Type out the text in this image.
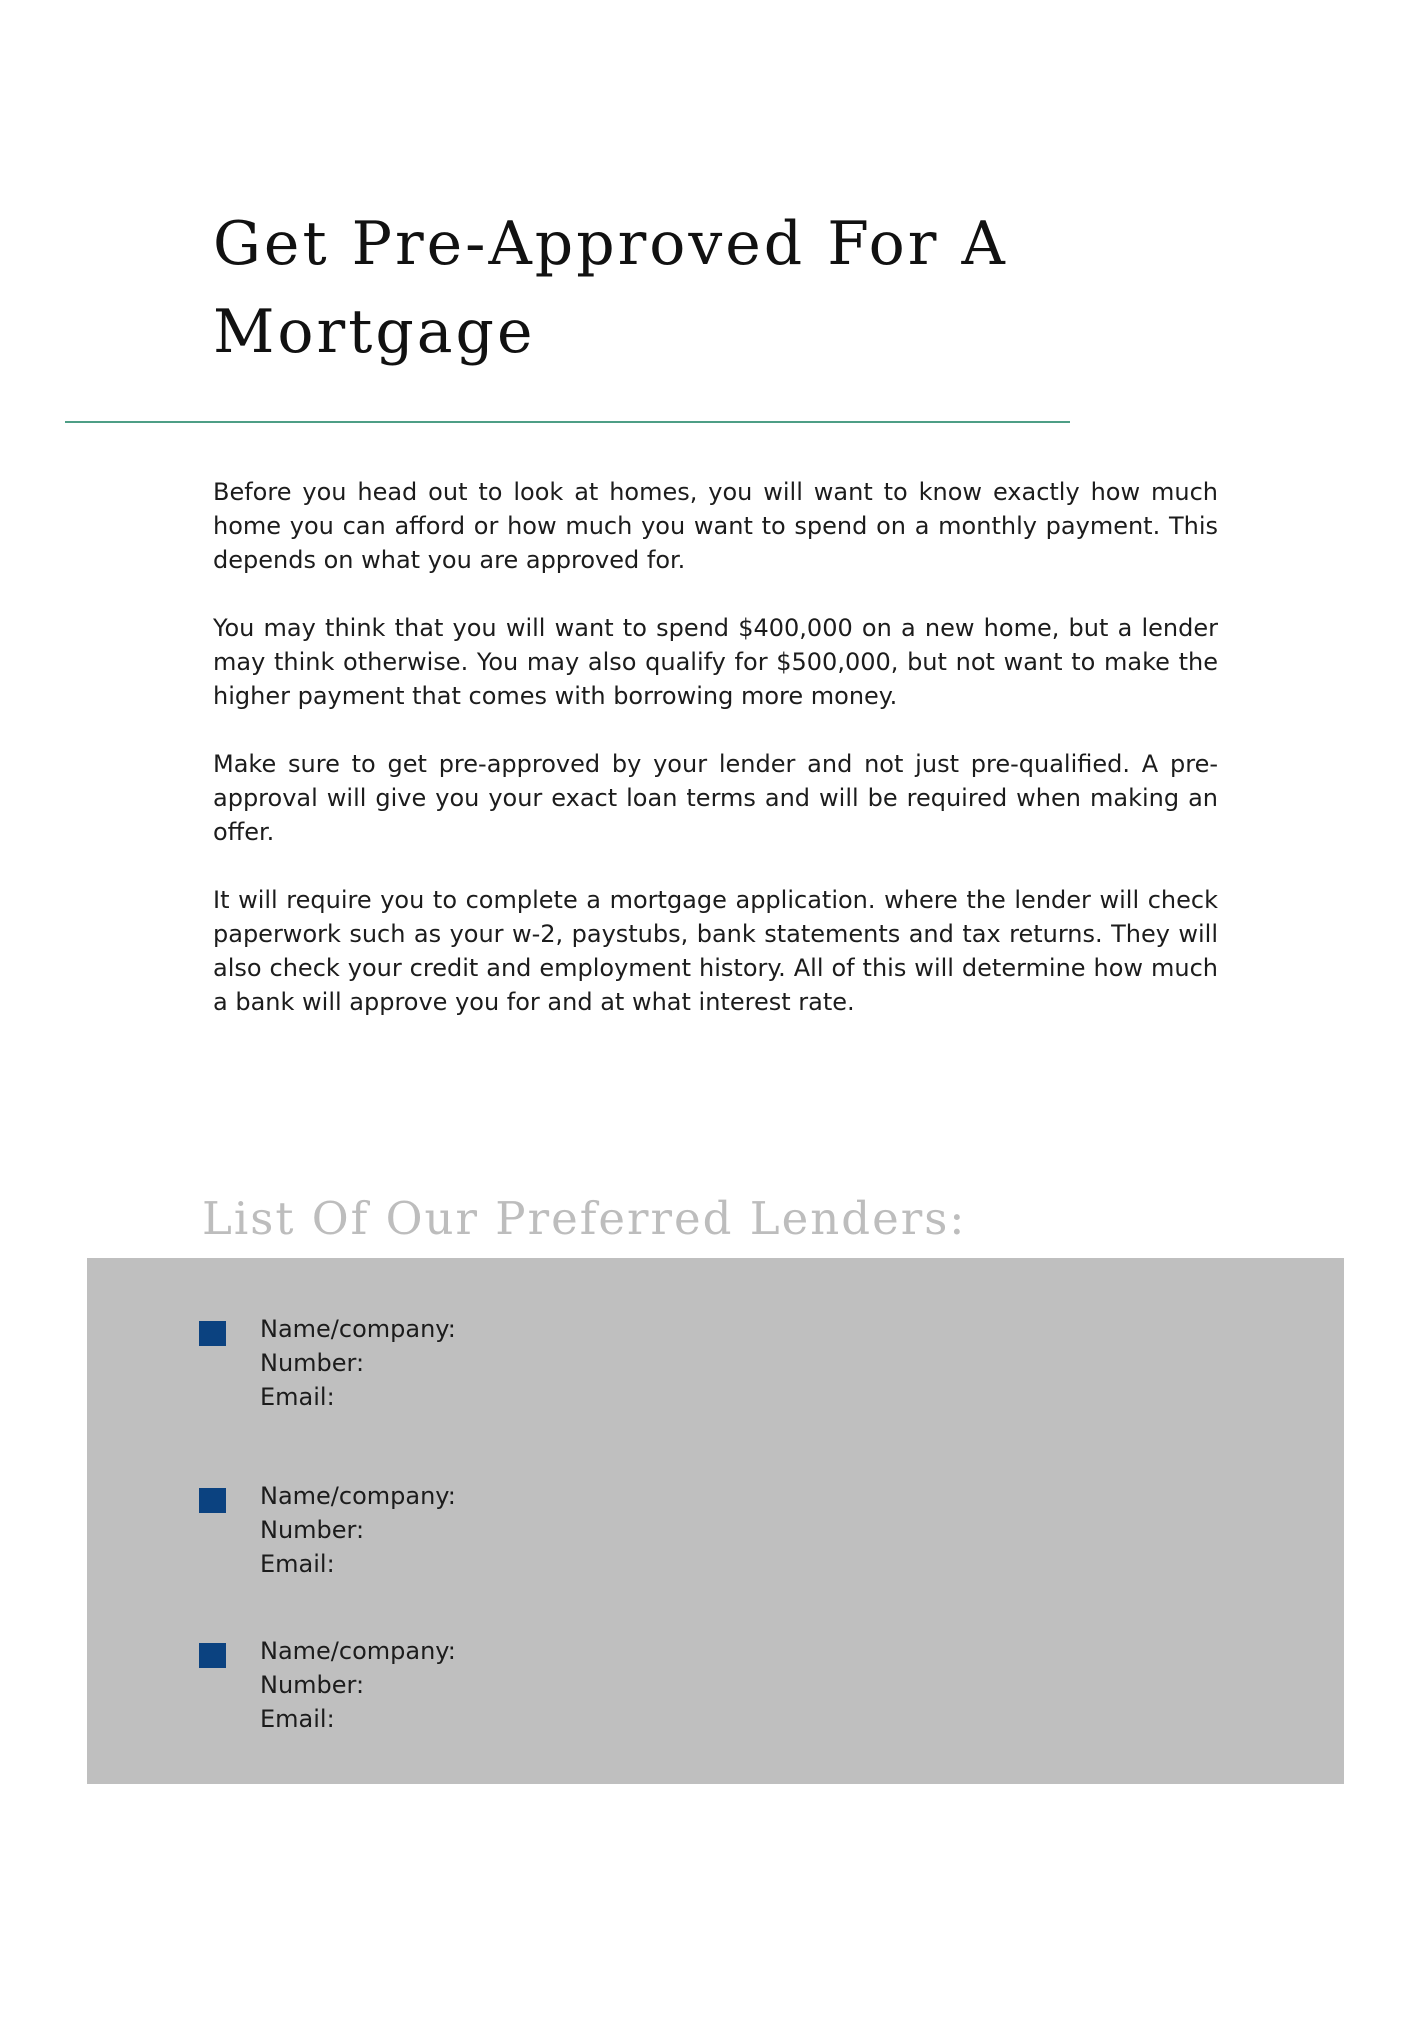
Get Pre-Approved For A Mortgage

Before you head out to look at homes, you will want to know exactly how much home you can afford or how much you want to spend on a monthly payment. This depends on what you are approved for.

You may think that you will want to spend $400,000 on a new home, but a lender may think otherwise. You may also qualify for $500,000, but not want to make the higher payment that comes with borrowing more money.

Make sure to get pre-approved by your lender and not just pre-qualified. A pre-approval will give you your exact loan terms and will be required when making an offer.

It will require you to complete a mortgage application. where the lender will check paperwork such as your w-2, paystubs, bank statements and tax returns. They will also check your credit and employment history. All of this will determine how much a bank will approve you for and at what interest rate.

List Of Our Preferred Lenders:
Name/company:
Number:
Email:
Name/company:
Number:
Email:
Name/company:
Number:
Email:
